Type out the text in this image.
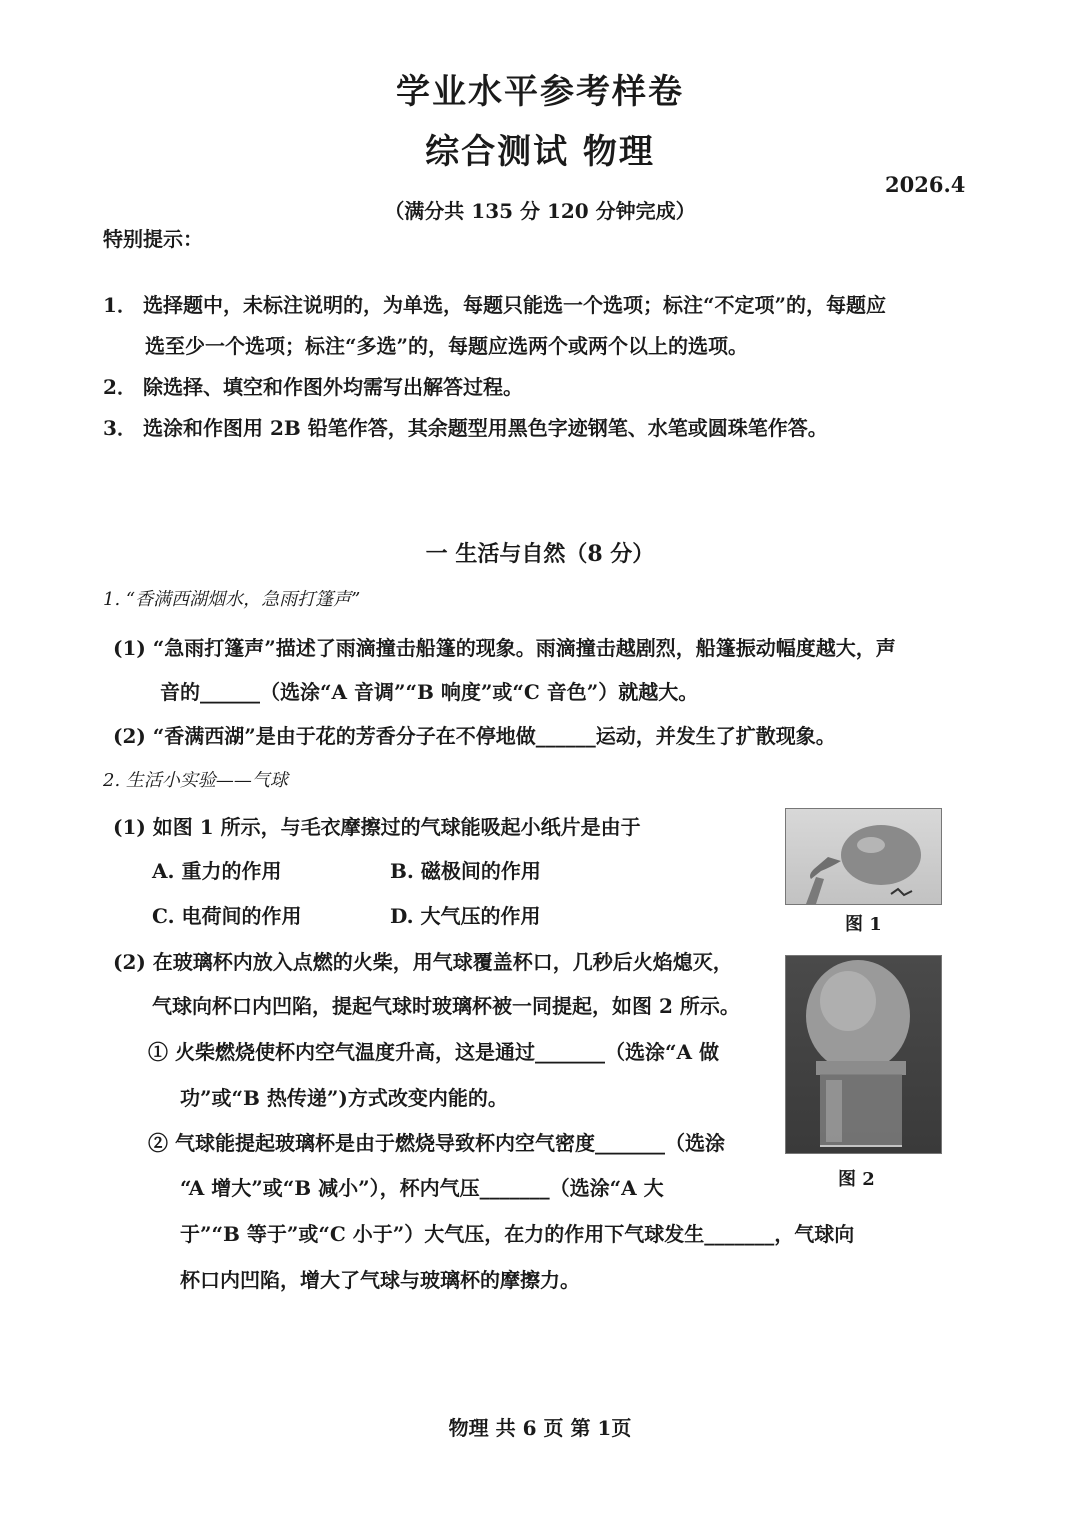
学业水平参考样卷
综合测试 物理
2026.4
（满分共 135 分 120 分钟完成）
特别提示：
1． 选择题中，未标注说明的，为单选，每题只能选一个选项；标注“不定项”的，每题应
选至少一个选项；标注“多选”的，每题应选两个或两个以上的选项。
2． 除选择、填空和作图外均需写出解答过程。
3． 选涂和作图用 2B 铅笔作答，其余题型用黑色字迹钢笔、水笔或圆珠笔作答。
一 生活与自然（8 分）
1. “香满西湖烟水，急雨打篷声”
(1) “急雨打篷声”描述了雨滴撞击船篷的现象。雨滴撞击越剧烈，船篷振动幅度越大，声
音的______（选涂“A 音调”“B 响度”或“C 音色”）就越大。
(2) “香满西湖”是由于花的芳香分子在不停地做______运动，并发生了扩散现象。
2. 生活小实验——气球
(1) 如图 1 所示，与毛衣摩擦过的气球能吸起小纸片是由于
A. 重力的作用	B. 磁极间的作用
C. 电荷间的作用	D. 大气压的作用	图 1
(2) 在玻璃杯内放入点燃的火柴，用气球覆盖杯口，几秒后火焰熄灭，
气球向杯口内凹陷，提起气球时玻璃杯被一同提起，如图 2 所示。
图 2
① 火柴燃烧使杯内空气温度升高，这是通过_______（选涂“A 做
功”或“B 热传递”)方式改变内能的。
② 气球能提起玻璃杯是由于燃烧导致杯内空气密度_______（选涂
“A 增大”或“B 减小”），杯内气压_______（选涂“A 大
于”“B 等于”或“C 小于”）大气压，在力的作用下气球发生_______，气球向
杯口内凹陷，增大了气球与玻璃杯的摩擦力。
物理 共 6 页 第 1页
